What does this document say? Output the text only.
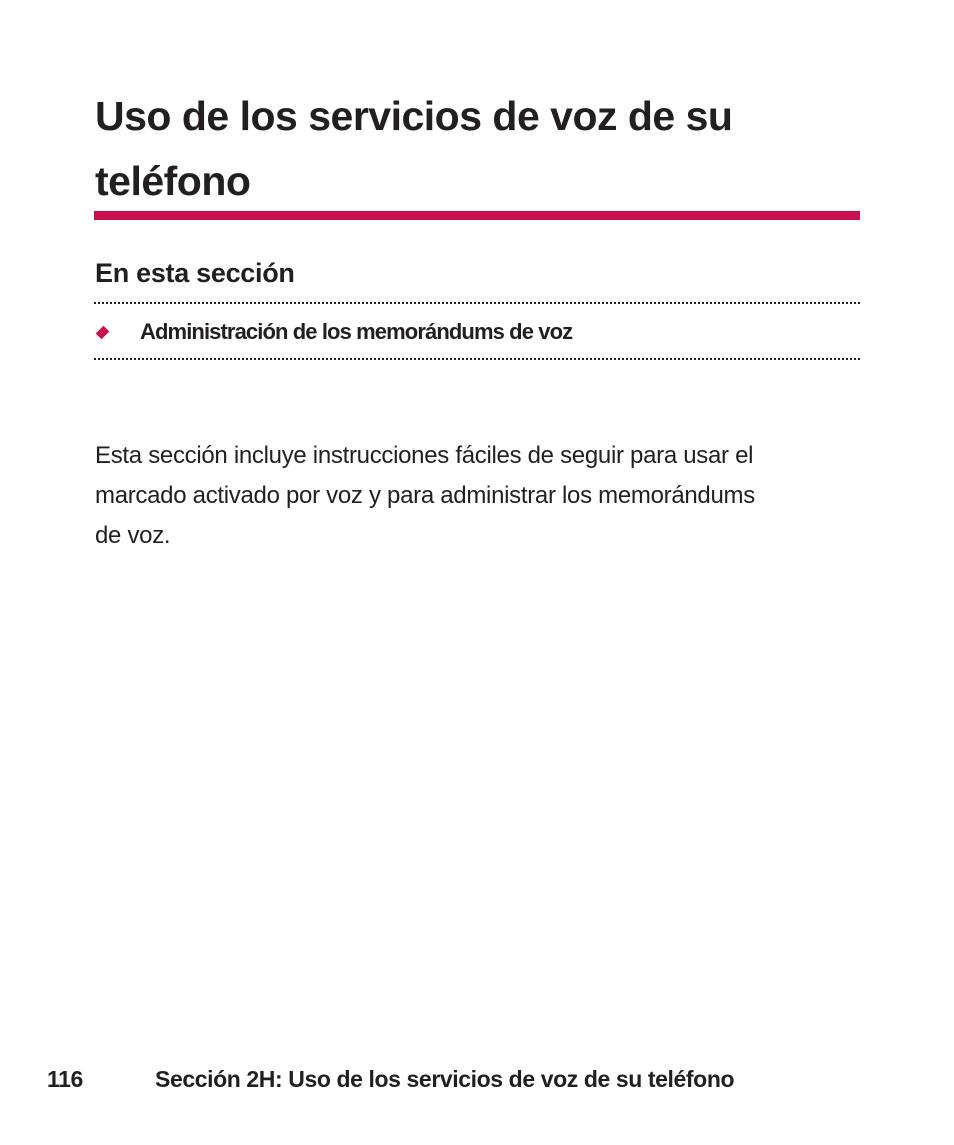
Uso de los servicios de voz de su teléfono
En esta sección
Administración de los memorándums de voz

Esta sección incluye instrucciones fáciles de seguir para usar el marcado activado por voz y para administrar los memorándums de voz.

116	Sección 2H: Uso de los servicios de voz de su teléfono
